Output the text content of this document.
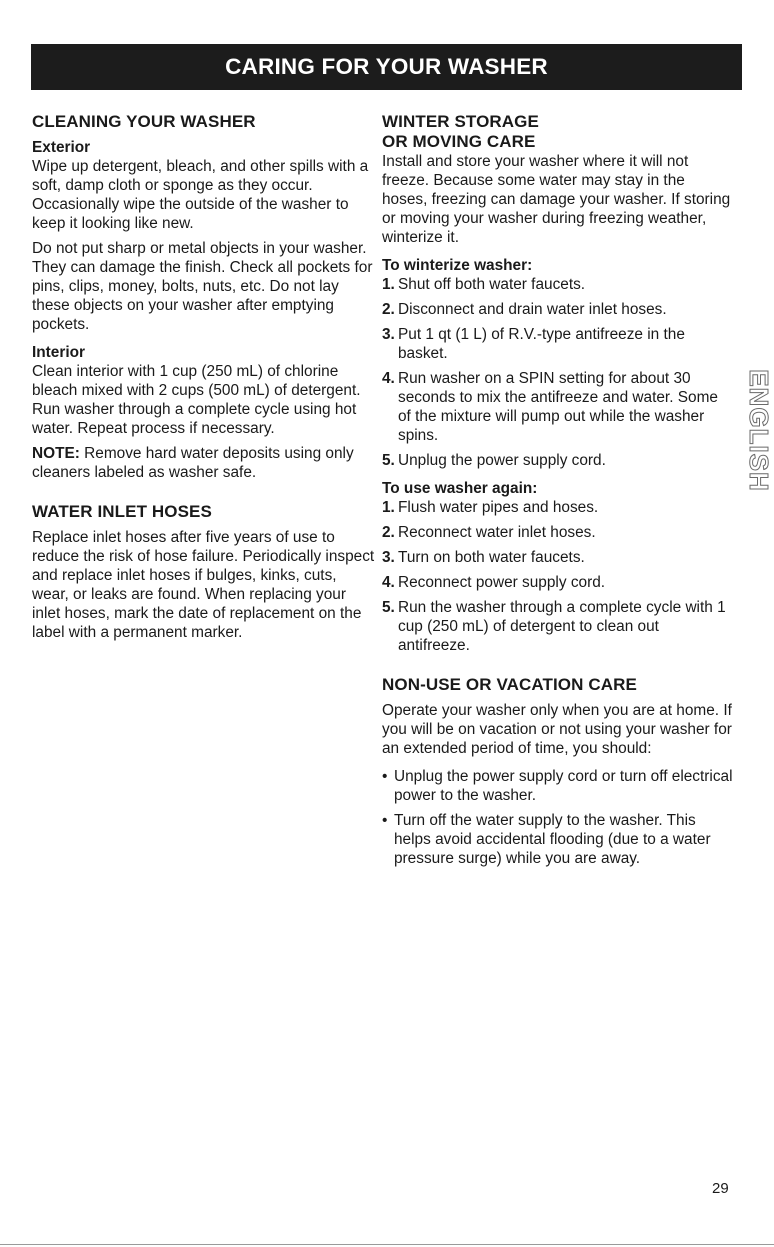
CARING FOR YOUR WASHER
CLEANING YOUR WASHER
Exterior

Wipe up detergent, bleach, and other spills with a soft, damp cloth or sponge as they occur. Occasionally wipe the outside of the washer to keep it looking like new.

Do not put sharp or metal objects in your washer. They can damage the finish. Check all pockets for pins, clips, money, bolts, nuts, etc. Do not lay these objects on your washer after emptying pockets.

Interior

Clean interior with 1 cup (250 mL) of chlorine bleach mixed with 2 cups (500 mL) of detergent. Run washer through a complete cycle using hot water. Repeat process if necessary.

NOTE: Remove hard water deposits using only cleaners labeled as washer safe.

WATER INLET HOSES

Replace inlet hoses after five years of use to reduce the risk of hose failure. Periodically inspect and replace inlet hoses if bulges, kinks, cuts, wear, or leaks are found. When replacing your inlet hoses, mark the date of replacement on the label with a permanent marker.

WINTER STORAGE
OR MOVING CARE

Install and store your washer where it will not freeze. Because some water may stay in the hoses, freezing can damage your washer. If storing or moving your washer during freezing weather, winterize it.

To winterize washer:
1. Shut off both water faucets.
2. Disconnect and drain water inlet hoses.
3. Put 1 qt (1 L) of R.V.-type antifreeze in the basket.
4. Run washer on a SPIN setting for about 30 seconds to mix the antifreeze and water. Some of the mixture will pump out while the washer spins.
5. Unplug the power supply cord.
To use washer again:
1. Flush water pipes and hoses.
2. Reconnect water inlet hoses.
3. Turn on both water faucets.
4. Reconnect power supply cord.
5. Run the washer through a complete cycle with 1 cup (250 mL) of detergent to clean out antifreeze.
NON-USE OR VACATION CARE

Operate your washer only when you are at home. If you will be on vacation or not using your washer for an extended period of time, you should:

• Unplug the power supply cord or turn off electrical power to the washer.
• Turn off the water supply to the washer. This helps avoid accidental flooding (due to a water pressure surge) while you are away.
ENGLISH
29
